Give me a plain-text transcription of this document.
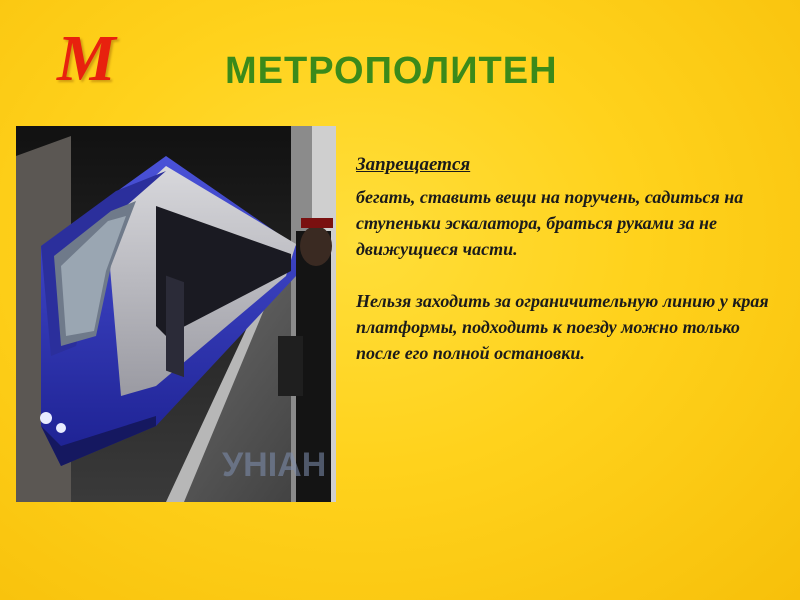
М	МЕТРОПОЛИТЕН
УНІАН

Запрещается

бегать, ставить вещи на поручень, садиться на ступеньки эскалатора, браться руками за не движущиеся части.

Нельзя заходить за ограничительную линию у края платформы, подходить к поезду можно только после его полной остановки.
